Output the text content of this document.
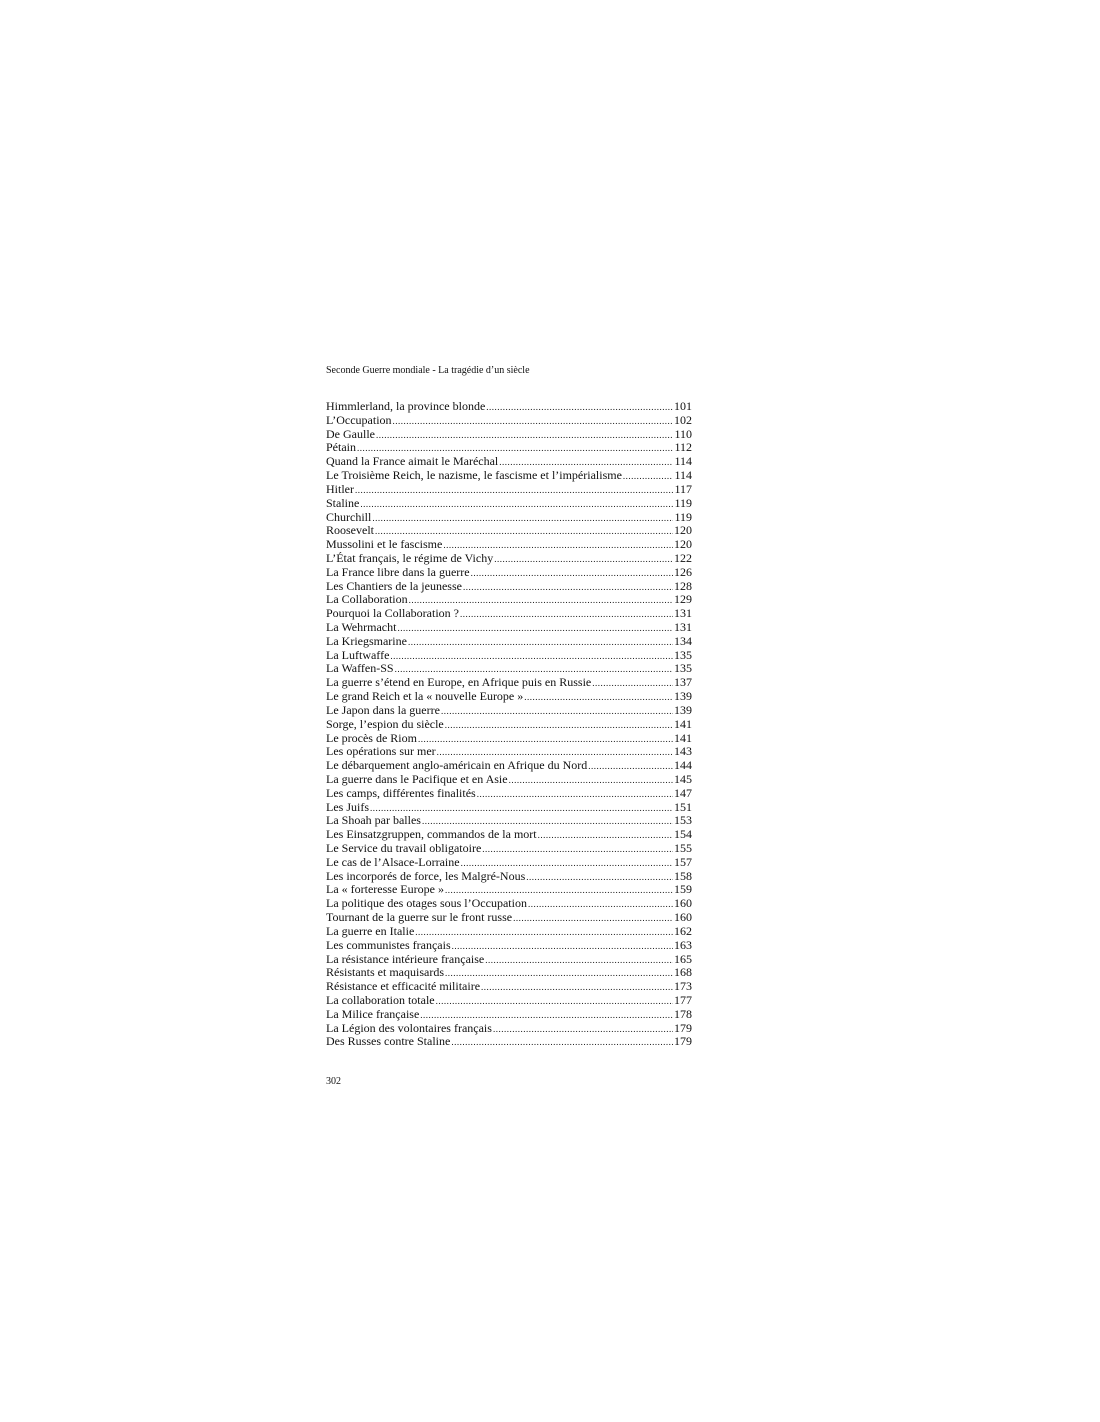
Seconde Guerre mondiale - La tragédie d’un siècle
Himmlerland, la province blonde .....	101
L’Occupation .....	102
De Gaulle .....	110
Pétain .....	112
Quand la France aimait le Maréchal .....	114
Le Troisième Reich, le nazisme, le fascisme et l’impérialisme .....	114
Hitler .....	117
Staline .....	119
Churchill .....	119
Roosevelt .....	120
Mussolini et le fascisme .....	120
L’État français, le régime de Vichy .....	122
La France libre dans la guerre .....	126
Les Chantiers de la jeunesse .....	128
La Collaboration .....	129
Pourquoi la Collaboration ? .....	131
La Wehrmacht .....	131
La Kriegsmarine .....	134
La Luftwaffe .....	135
La Waffen-SS .....	135
La guerre s’étend en Europe, en Afrique puis en Russie .....	137
Le grand Reich et la « nouvelle Europe » .....	139
Le Japon dans la guerre .....	139
Sorge, l’espion du siècle .....	141
Le procès de Riom .....	141
Les opérations sur mer .....	143
Le débarquement anglo-américain en Afrique du Nord .....	144
La guerre dans le Pacifique et en Asie .....	145
Les camps, différentes finalités .....	147
Les Juifs .....	151
La Shoah par balles .....	153
Les Einsatzgruppen, commandos de la mort .....	154
Le Service du travail obligatoire .....	155
Le cas de l’Alsace-Lorraine .....	157
Les incorporés de force, les Malgré-Nous .....	158
La « forteresse Europe » .....	159
La politique des otages sous l’Occupation .....	160
Tournant de la guerre sur le front russe .....	160
La guerre en Italie .....	162
Les communistes français .....	163
La résistance intérieure française .....	165
Résistants et maquisards .....	168
Résistance et efficacité militaire .....	173
La collaboration totale .....	177
La Milice française .....	178
La Légion des volontaires français .....	179
Des Russes contre Staline .....	179
302
